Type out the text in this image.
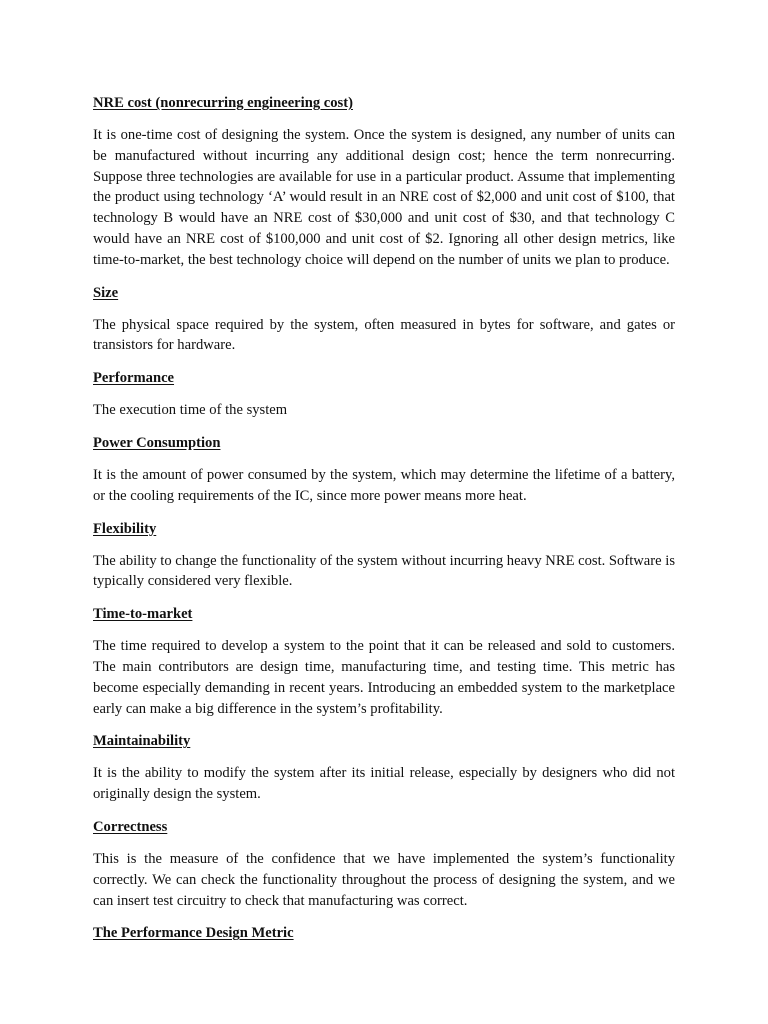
NRE cost (nonrecurring engineering cost)

It is one-time cost of designing the system. Once the system is designed, any number of units can be manufactured without incurring any additional design cost; hence the term nonrecurring. Suppose three technologies are available for use in a particular product. Assume that implementing the product using technology ‘A’ would result in an NRE cost of $2,000 and unit cost of $100, that technology B would have an NRE cost of $30,000 and unit cost of $30, and that technology C would have an NRE cost of $100,000 and unit cost of $2. Ignoring all other design metrics, like time-to-market, the best technology choice will depend on the number of units we plan to produce.

Size

The physical space required by the system, often measured in bytes for software, and gates or transistors for hardware.

Performance

The execution time of the system

Power Consumption

It is the amount of power consumed by the system, which may determine the lifetime of a battery, or the cooling requirements of the IC, since more power means more heat.

Flexibility

The ability to change the functionality of the system without incurring heavy NRE cost. Software is typically considered very flexible.

Time-to-market

The time required to develop a system to the point that it can be released and sold to customers. The main contributors are design time, manufacturing time, and testing time. This metric has become especially demanding in recent years. Introducing an embedded system to the marketplace early can make a big difference in the system’s profitability.

Maintainability

It is the ability to modify the system after its initial release, especially by designers who did not originally design the system.

Correctness

This is the measure of the confidence that we have implemented the system’s functionality correctly. We can check the functionality throughout the process of designing the system, and we can insert test circuitry to check that manufacturing was correct.

The Performance Design Metric
